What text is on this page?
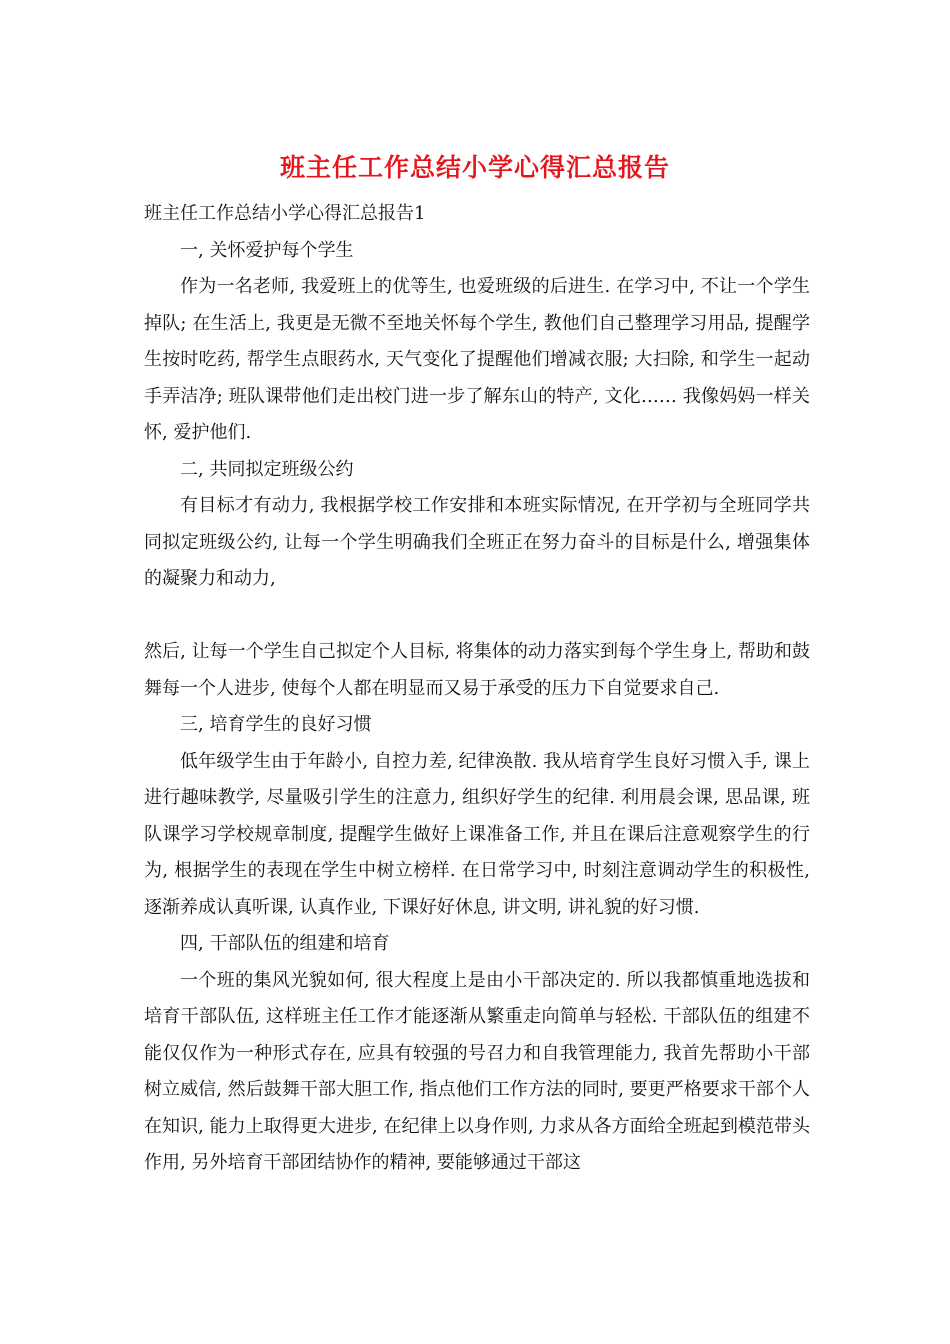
班主任工作总结小学心得汇总报告

班主任工作总结小学心得汇总报告1

一, 关怀爱护每个学生

作为一名老师, 我爱班上的优等生, 也爱班级的后进生. 在学习中, 不让一个学生掉队; 在生活上, 我更是无微不至地关怀每个学生, 教他们自己整理学习用品, 提醒学生按时吃药, 帮学生点眼药水, 天气变化了提醒他们增减衣服; 大扫除, 和学生一起动手弄洁净; 班队课带他们走出校门进一步了解东山的特产, 文化…… 我像妈妈一样关怀, 爱护他们.

二, 共同拟定班级公约

有目标才有动力, 我根据学校工作安排和本班实际情况, 在开学初与全班同学共同拟定班级公约, 让每一个学生明确我们全班正在努力奋斗的目标是什么, 增强集体的凝聚力和动力,

然后, 让每一个学生自己拟定个人目标, 将集体的动力落实到每个学生身上, 帮助和鼓舞每一个人进步, 使每个人都在明显而又易于承受的压力下自觉要求自己.

三, 培育学生的良好习惯

低年级学生由于年龄小, 自控力差, 纪律涣散. 我从培育学生良好习惯入手, 课上进行趣味教学, 尽量吸引学生的注意力, 组织好学生的纪律. 利用晨会课, 思品课, 班队课学习学校规章制度, 提醒学生做好上课准备工作, 并且在课后注意观察学生的行为, 根据学生的表现在学生中树立榜样. 在日常学习中, 时刻注意调动学生的积极性, 逐渐养成认真听课, 认真作业, 下课好好休息, 讲文明, 讲礼貌的好习惯.

四, 干部队伍的组建和培育

一个班的集风光貌如何, 很大程度上是由小干部决定的. 所以我都慎重地选拔和培育干部队伍, 这样班主任工作才能逐渐从繁重走向简单与轻松. 干部队伍的组建不能仅仅作为一种形式存在, 应具有较强的号召力和自我管理能力, 我首先帮助小干部树立威信, 然后鼓舞干部大胆工作, 指点他们工作方法的同时, 要更严格要求干部个人在知识, 能力上取得更大进步, 在纪律上以身作则, 力求从各方面给全班起到模范带头作用, 另外培育干部团结协作的精神, 要能够通过干部这
